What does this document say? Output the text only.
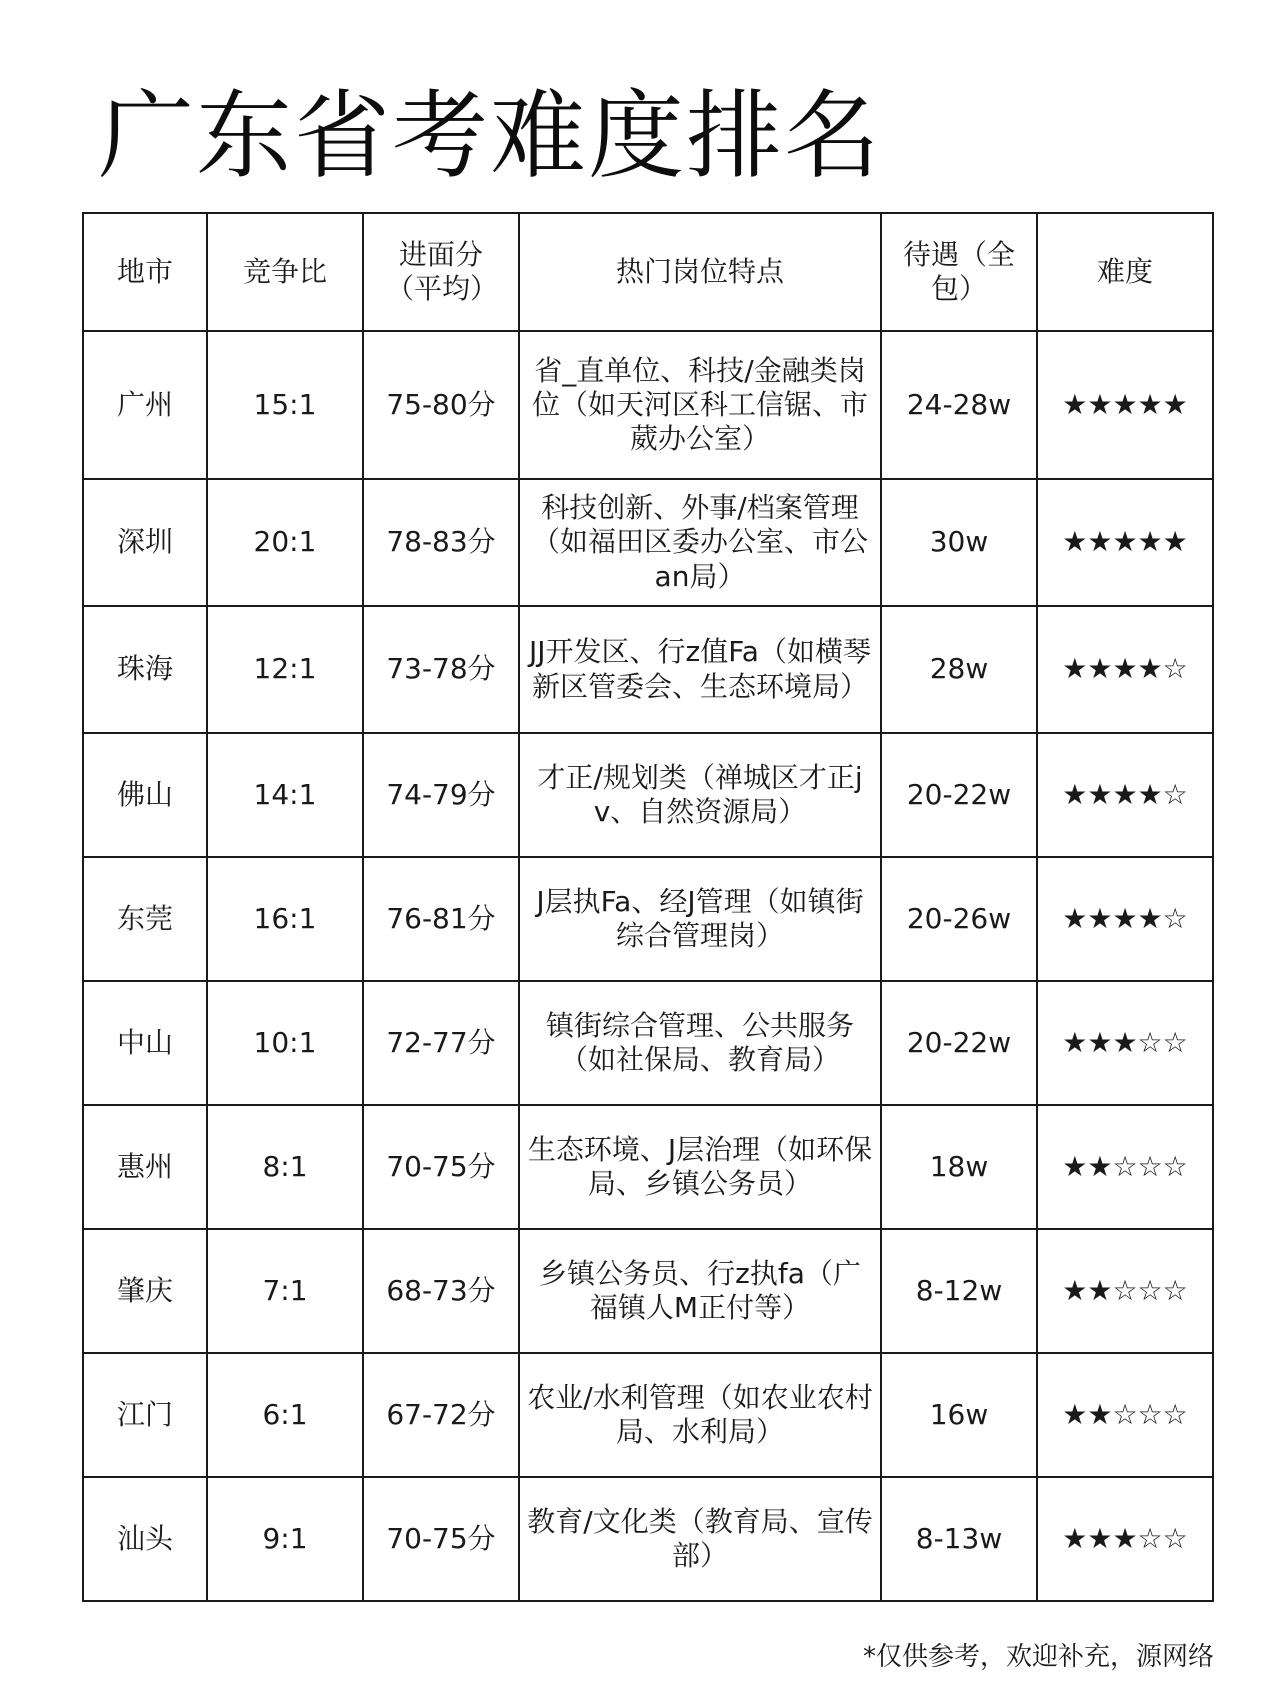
广东省考难度排名
地市	竞争比	进面分（平均）	热门岗位特点	待遇（全包）	难度
广州	15:1	75-80分	省_直单位、科技/金融类岗位（如天河区科工信锯、市葳办公室）	24-28w	★★★★★
深圳	20:1	78-83分	科技创新、外事/档案管理（如福田区委办公室、市公an局）	30w	★★★★★
珠海	12:1	73-78分	JJ开发区、行z值Fa（如横琴新区管委会、生态环境局）	28w	★★★★☆
佛山	14:1	74-79分	才正/规划类（禅城区才正jv、自然资源局）	20-22w	★★★★☆
东莞	16:1	76-81分	J层执Fa、经J管理（如镇街综合管理岗）	20-26w	★★★★☆
中山	10:1	72-77分	镇街综合管理、公共服务（如社保局、教育局）	20-22w	★★★☆☆
惠州	8:1	70-75分	生态环境、J层治理（如环保局、乡镇公务员）	18w	★★☆☆☆
肇庆	7:1	68-73分	乡镇公务员、行z执fa（广福镇人M正付等）	8-12w	★★☆☆☆
江门	6:1	67-72分	农业/水利管理（如农业农村局、水利局）	16w	★★☆☆☆
汕头	9:1	70-75分	教育/文化类（教育局、宣传部）	8-13w	★★★☆☆
*仅供参考，欢迎补充，源网络
